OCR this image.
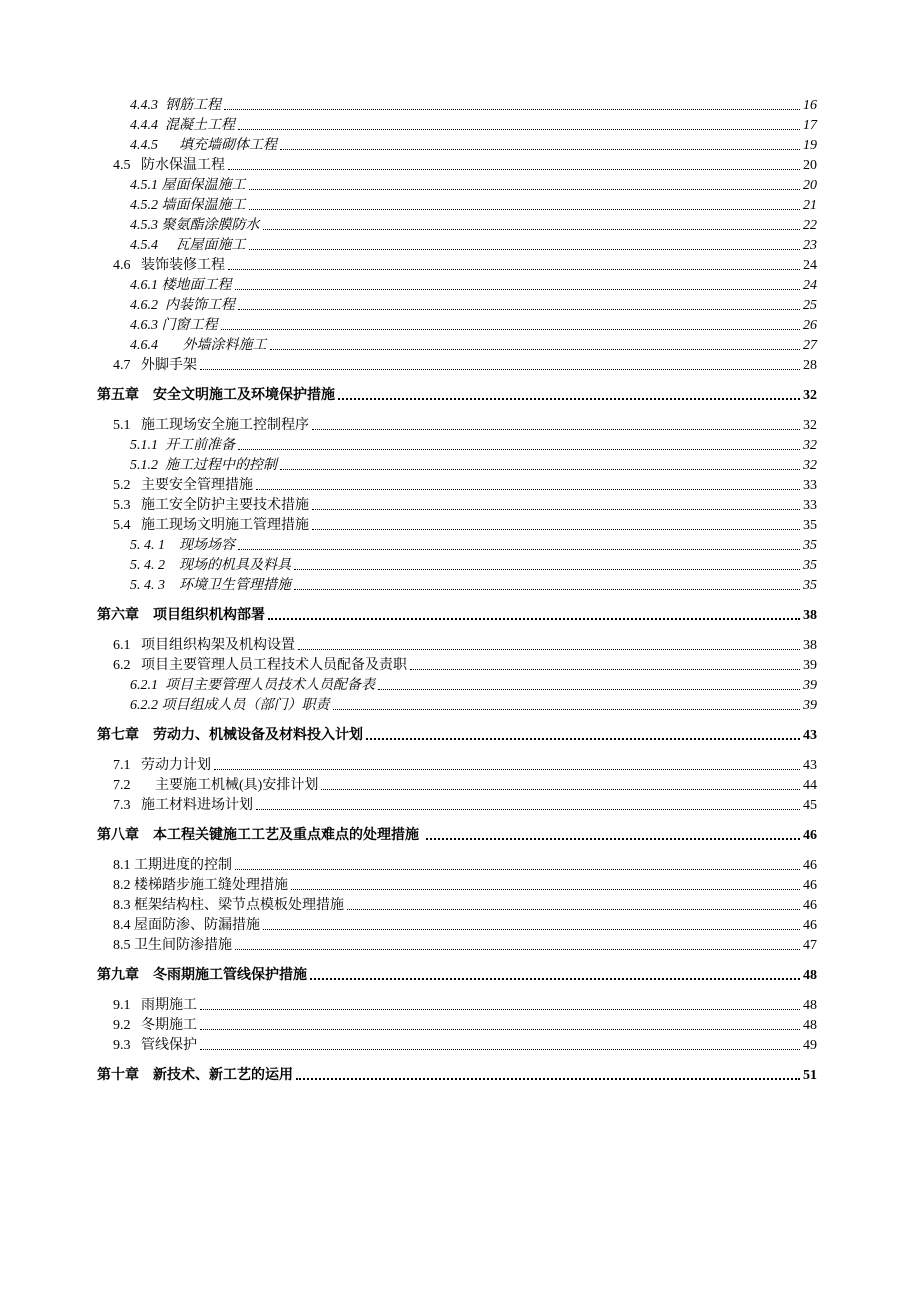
4.4.3  钢筋工程	16
4.4.4  混凝土工程	17
4.4.5      填充墙砌体工程	19
4.5   防水保温工程	20
4.5.1 屋面保温施工	20
4.5.2 墙面保温施工	21
4.5.3 聚氨酯涂膜防水	22
4.5.4     瓦屋面施工	23
4.6   装饰装修工程	24
4.6.1 楼地面工程	24
4.6.2  内装饰工程	25
4.6.3 门窗工程	26
4.6.4       外墙涂料施工	27
4.7   外脚手架	28
第五章    安全文明施工及环境保护措施	32
5.1   施工现场安全施工控制程序	32
5.1.1  开工前准备	32
5.1.2  施工过程中的控制	32
5.2   主要安全管理措施	33
5.3   施工安全防护主要技术措施	33
5.4   施工现场文明施工管理措施	35
5. 4. 1    现场场容	35
5. 4. 2    现场的机具及料具	35
5. 4. 3    环境卫生管理措施	35
第六章    项目组织机构部署	38
6.1   项目组织构架及机构设置	38
6.2   项目主要管理人员工程技术人员配备及责职	39
6.2.1  项目主要管理人员技术人员配备表	39
6.2.2 项目组成人员（部门）职责	39
第七章    劳动力、机械设备及材料投入计划	43
7.1   劳动力计划	43
7.2       主要施工机械(具)安排计划	44
7.3   施工材料进场计划	45
第八章    本工程关键施工工艺及重点难点的处理措施	46
8.1 工期进度的控制	46
8.2 楼梯踏步施工缝处理措施	46
8.3 框架结构柱、梁节点模板处理措施	46
8.4 屋面防渗、防漏措施	46
8.5 卫生间防渗措施	47
第九章    冬雨期施工管线保护措施	48
9.1   雨期施工	48
9.2   冬期施工	48
9.3   管线保护	49
第十章    新技术、新工艺的运用	51
